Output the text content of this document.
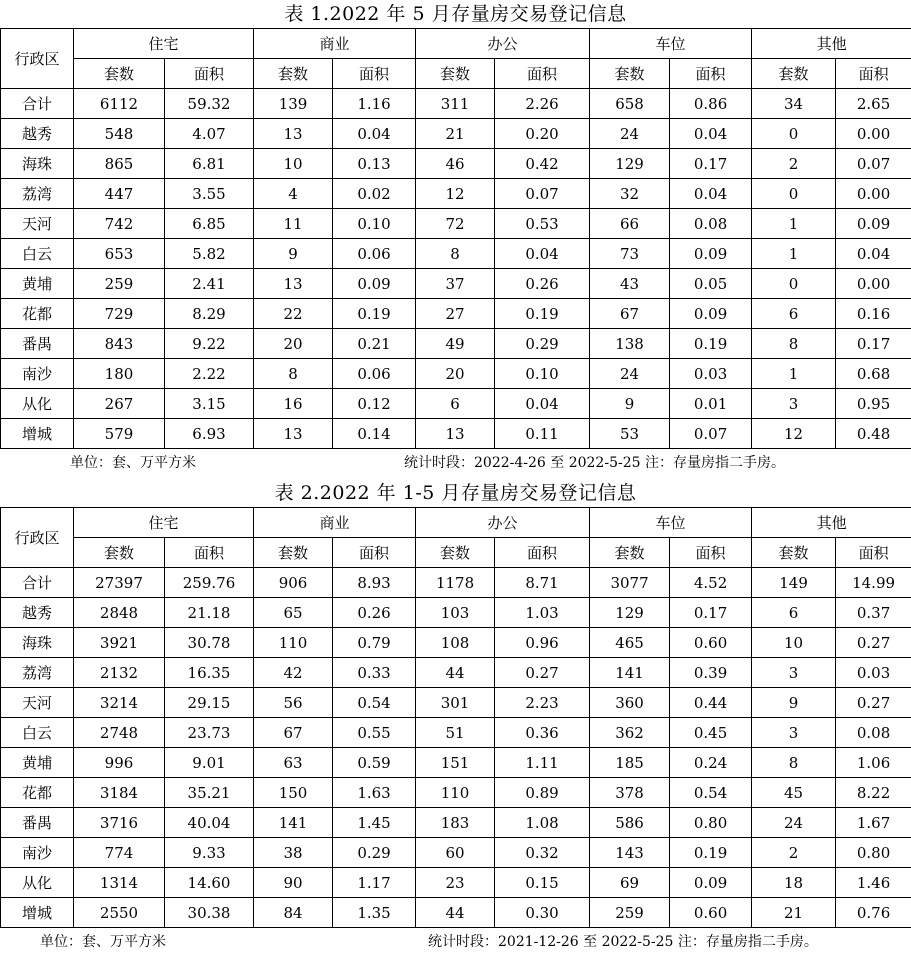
表 1.2022 年 5 月存量房交易登记信息
行政区	住宅		商业		办公		车位		其他	
	套数	面积	套数	面积	套数	面积	套数	面积	套数	面积
合计	6112	59.32	139	1.16	311	2.26	658	0.86	34	2.65
越秀	548	4.07	13	0.04	21	0.20	24	0.04	0	0.00
海珠	865	6.81	10	0.13	46	0.42	129	0.17	2	0.07
荔湾	447	3.55	4	0.02	12	0.07	32	0.04	0	0.00
天河	742	6.85	11	0.10	72	0.53	66	0.08	1	0.09
白云	653	5.82	9	0.06	8	0.04	73	0.09	1	0.04
黄埔	259	2.41	13	0.09	37	0.26	43	0.05	0	0.00
花都	729	8.29	22	0.19	27	0.19	67	0.09	6	0.16
番禺	843	9.22	20	0.21	49	0.29	138	0.19	8	0.17
南沙	180	2.22	8	0.06	20	0.10	24	0.03	1	0.68
从化	267	3.15	16	0.12	6	0.04	9	0.01	3	0.95
增城	579	6.93	13	0.14	13	0.11	53	0.07	12	0.48
单位：套、万平方米	统计时段：2022-4-26 至 2022-5-25 注：存量房指二手房。
表 2.2022 年 1-5 月存量房交易登记信息
行政区	住宅		商业		办公		车位		其他	
	套数	面积	套数	面积	套数	面积	套数	面积	套数	面积
合计	27397	259.76	906	8.93	1178	8.71	3077	4.52	149	14.99
越秀	2848	21.18	65	0.26	103	1.03	129	0.17	6	0.37
海珠	3921	30.78	110	0.79	108	0.96	465	0.60	10	0.27
荔湾	2132	16.35	42	0.33	44	0.27	141	0.39	3	0.03
天河	3214	29.15	56	0.54	301	2.23	360	0.44	9	0.27
白云	2748	23.73	67	0.55	51	0.36	362	0.45	3	0.08
黄埔	996	9.01	63	0.59	151	1.11	185	0.24	8	1.06
花都	3184	35.21	150	1.63	110	0.89	378	0.54	45	8.22
番禺	3716	40.04	141	1.45	183	1.08	586	0.80	24	1.67
南沙	774	9.33	38	0.29	60	0.32	143	0.19	2	0.80
从化	1314	14.60	90	1.17	23	0.15	69	0.09	18	1.46
增城	2550	30.38	84	1.35	44	0.30	259	0.60	21	0.76
单位：套、万平方米	统计时段：2021-12-26 至 2022-5-25 注：存量房指二手房。
